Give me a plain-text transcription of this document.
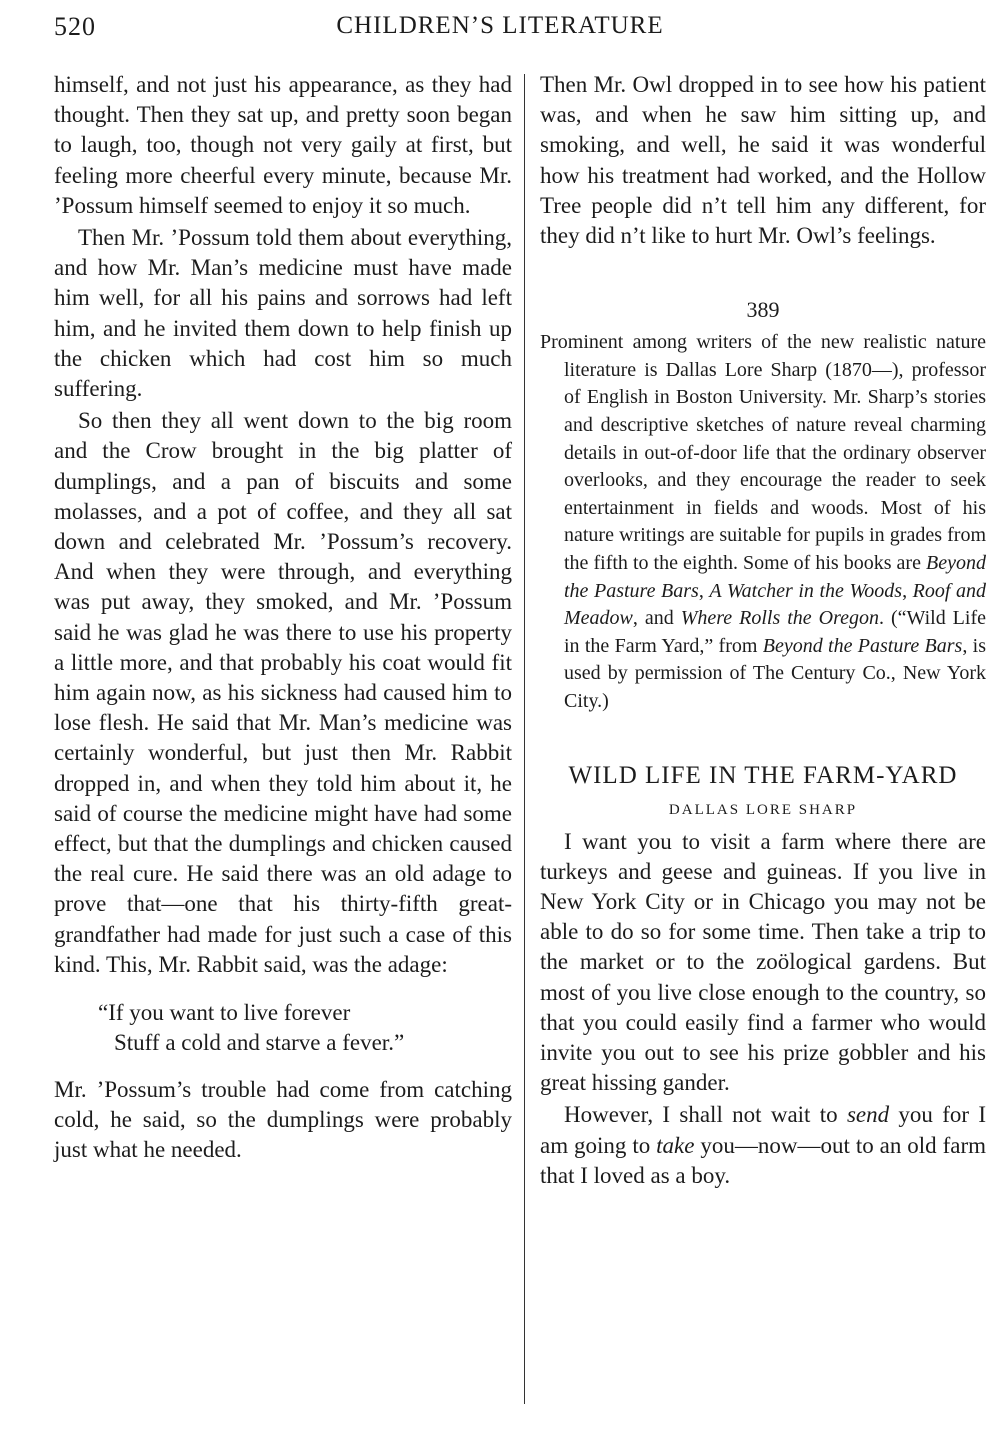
520	CHILDREN’S LITERATURE

himself, and not just his appearance, as they had thought. Then they sat up, and pretty soon began to laugh, too, though not very gaily at first, but feeling more cheerful every minute, because Mr. ’Possum himself seemed to enjoy it so much.

Then Mr. ’Possum told them about everything, and how Mr. Man’s medicine must have made him well, for all his pains and sorrows had left him, and he invited them down to help finish up the chicken which had cost him so much suffering.

So then they all went down to the big room and the Crow brought in the big platter of dumplings, and a pan of biscuits and some molasses, and a pot of coffee, and they all sat down and celebrated Mr. ’Possum’s recovery. And when they were through, and everything was put away, they smoked, and Mr. ’Possum said he was glad he was there to use his property a little more, and that probably his coat would fit him again now, as his sickness had caused him to lose flesh. He said that Mr. Man’s medicine was certainly wonderful, but just then Mr. Rabbit dropped in, and when they told him about it, he said of course the medicine might have had some effect, but that the dumplings and chicken caused the real cure. He said there was an old adage to prove that—one that his thirty-fifth great-grandfather had made for just such a case of this kind. This, Mr. Rabbit said, was the adage:

“If you want to live forever
Stuff a cold and starve a fever.”

Mr. ’Possum’s trouble had come from catching cold, he said, so the dumplings were probably just what he needed.

Then Mr. Owl dropped in to see how his patient was, and when he saw him sitting up, and smoking, and well, he said it was wonderful how his treatment had worked, and the Hollow Tree people did n’t tell him any different, for they did n’t like to hurt Mr. Owl’s feelings.

389

Prominent among writers of the new realistic nature literature is Dallas Lore Sharp (1870—), professor of English in Boston University. Mr. Sharp’s stories and descriptive sketches of nature reveal charming details in out-of-door life that the ordinary observer overlooks, and they encourage the reader to seek entertainment in fields and woods. Most of his nature writings are suitable for pupils in grades from the fifth to the eighth. Some of his books are Beyond the Pasture Bars, A Watcher in the Woods, Roof and Meadow, and Where Rolls the Oregon. (“Wild Life in the Farm Yard,” from Beyond the Pasture Bars, is used by permission of The Century Co., New York City.)

WILD LIFE IN THE FARM-YARD
DALLAS LORE SHARP

I want you to visit a farm where there are turkeys and geese and guineas. If you live in New York City or in Chicago you may not be able to do so for some time. Then take a trip to the market or to the zoölogical gardens. But most of you live close enough to the country, so that you could easily find a farmer who would invite you out to see his prize gobbler and his great hissing gander.

However, I shall not wait to send you for I am going to take you—now—out to an old farm that I loved as a boy.
